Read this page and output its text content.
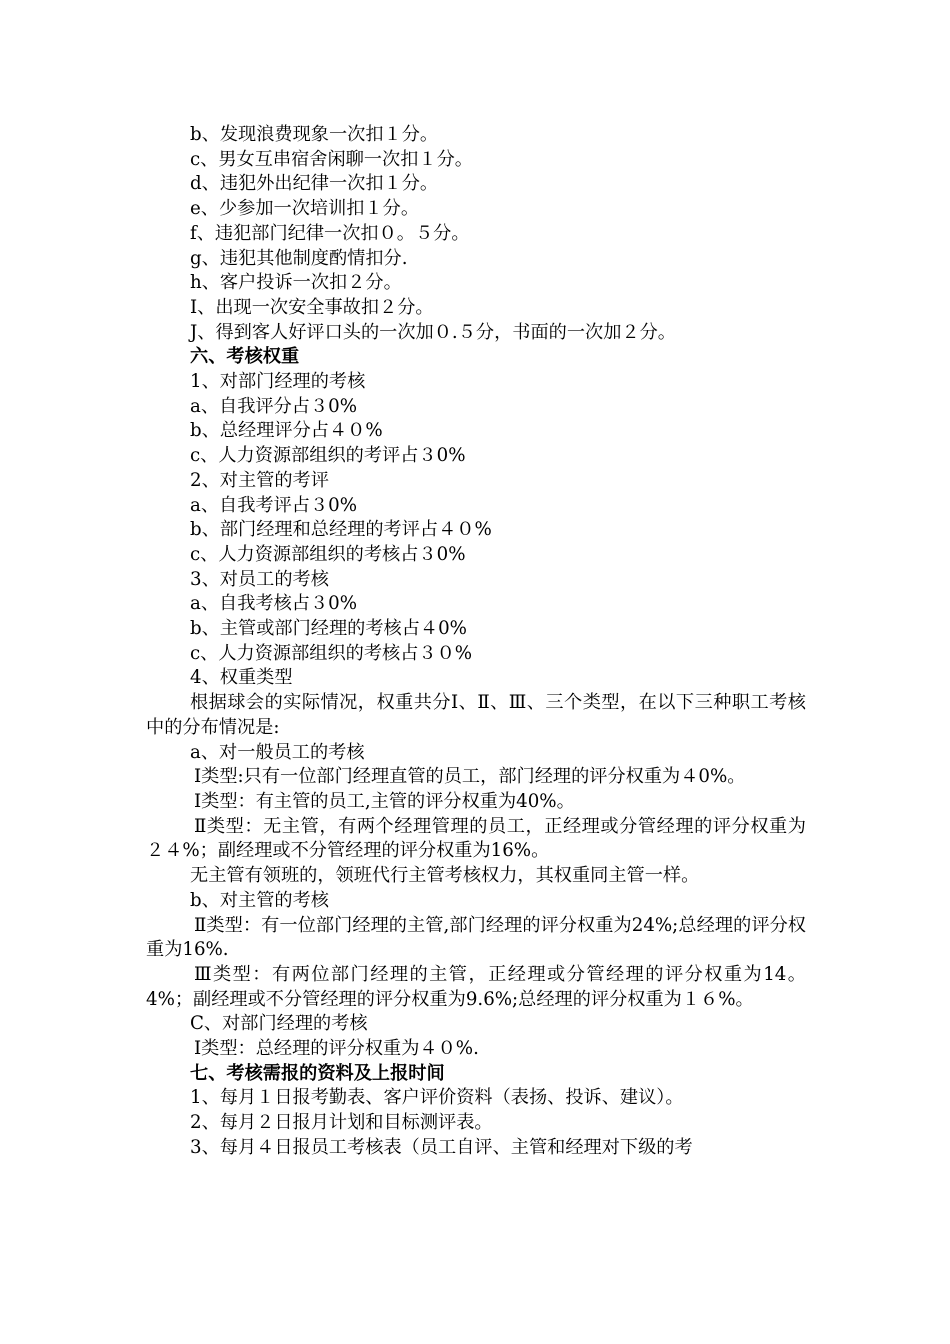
b、发现浪费现象一次扣１分。

c、男女互串宿舍闲聊一次扣１分。

d、违犯外出纪律一次扣１分。

e、少参加一次培训扣１分。

f、违犯部门纪律一次扣０。５分。

g、违犯其他制度酌情扣分.

h、客户投诉一次扣２分。

I、出现一次安全事故扣２分。

J、得到客人好评口头的一次加０.５分，书面的一次加２分。

六、考核权重

1、对部门经理的考核

a、自我评分占３0%

b、总经理评分占４０%

c、人力资源部组织的考评占３0%

2、对主管的考评

a、自我考评占３0%

b、部门经理和总经理的考评占４０%

c、人力资源部组织的考核占３0%

3、对员工的考核

a、自我考核占３0%

b、主管或部门经理的考核占４0%

c、人力资源部组织的考核占３０%

4、权重类型

根据球会的实际情况，权重共分Ⅰ、Ⅱ、Ⅲ、三个类型，在以下三种职工考核中的分布情况是:

a、对一般员工的考核

Ⅰ类型:只有一位部门经理直管的员工，部门经理的评分权重为４0%。

Ⅰ类型：有主管的员工,主管的评分权重为40%。

Ⅱ类型：无主管，有两个经理管理的员工，正经理或分管经理的评分权重为２４%；副经理或不分管经理的评分权重为16%。

无主管有领班的，领班代行主管考核权力，其权重同主管一样。

b、对主管的考核

Ⅱ类型：有一位部门经理的主管,部门经理的评分权重为24%;总经理的评分权重为16%.

Ⅲ类型：有两位部门经理的主管，正经理或分管经理的评分权重为14。4%；副经理或不分管经理的评分权重为9.6%;总经理的评分权重为１６%。

C、对部门经理的考核

Ⅰ类型：总经理的评分权重为４０%.

七、考核需报的资料及上报时间

1、每月１日报考勤表、客户评价资料（表扬、投诉、建议）。

2、每月２日报月计划和目标测评表。

3、每月４日报员工考核表（员工自评、主管和经理对下级的考
